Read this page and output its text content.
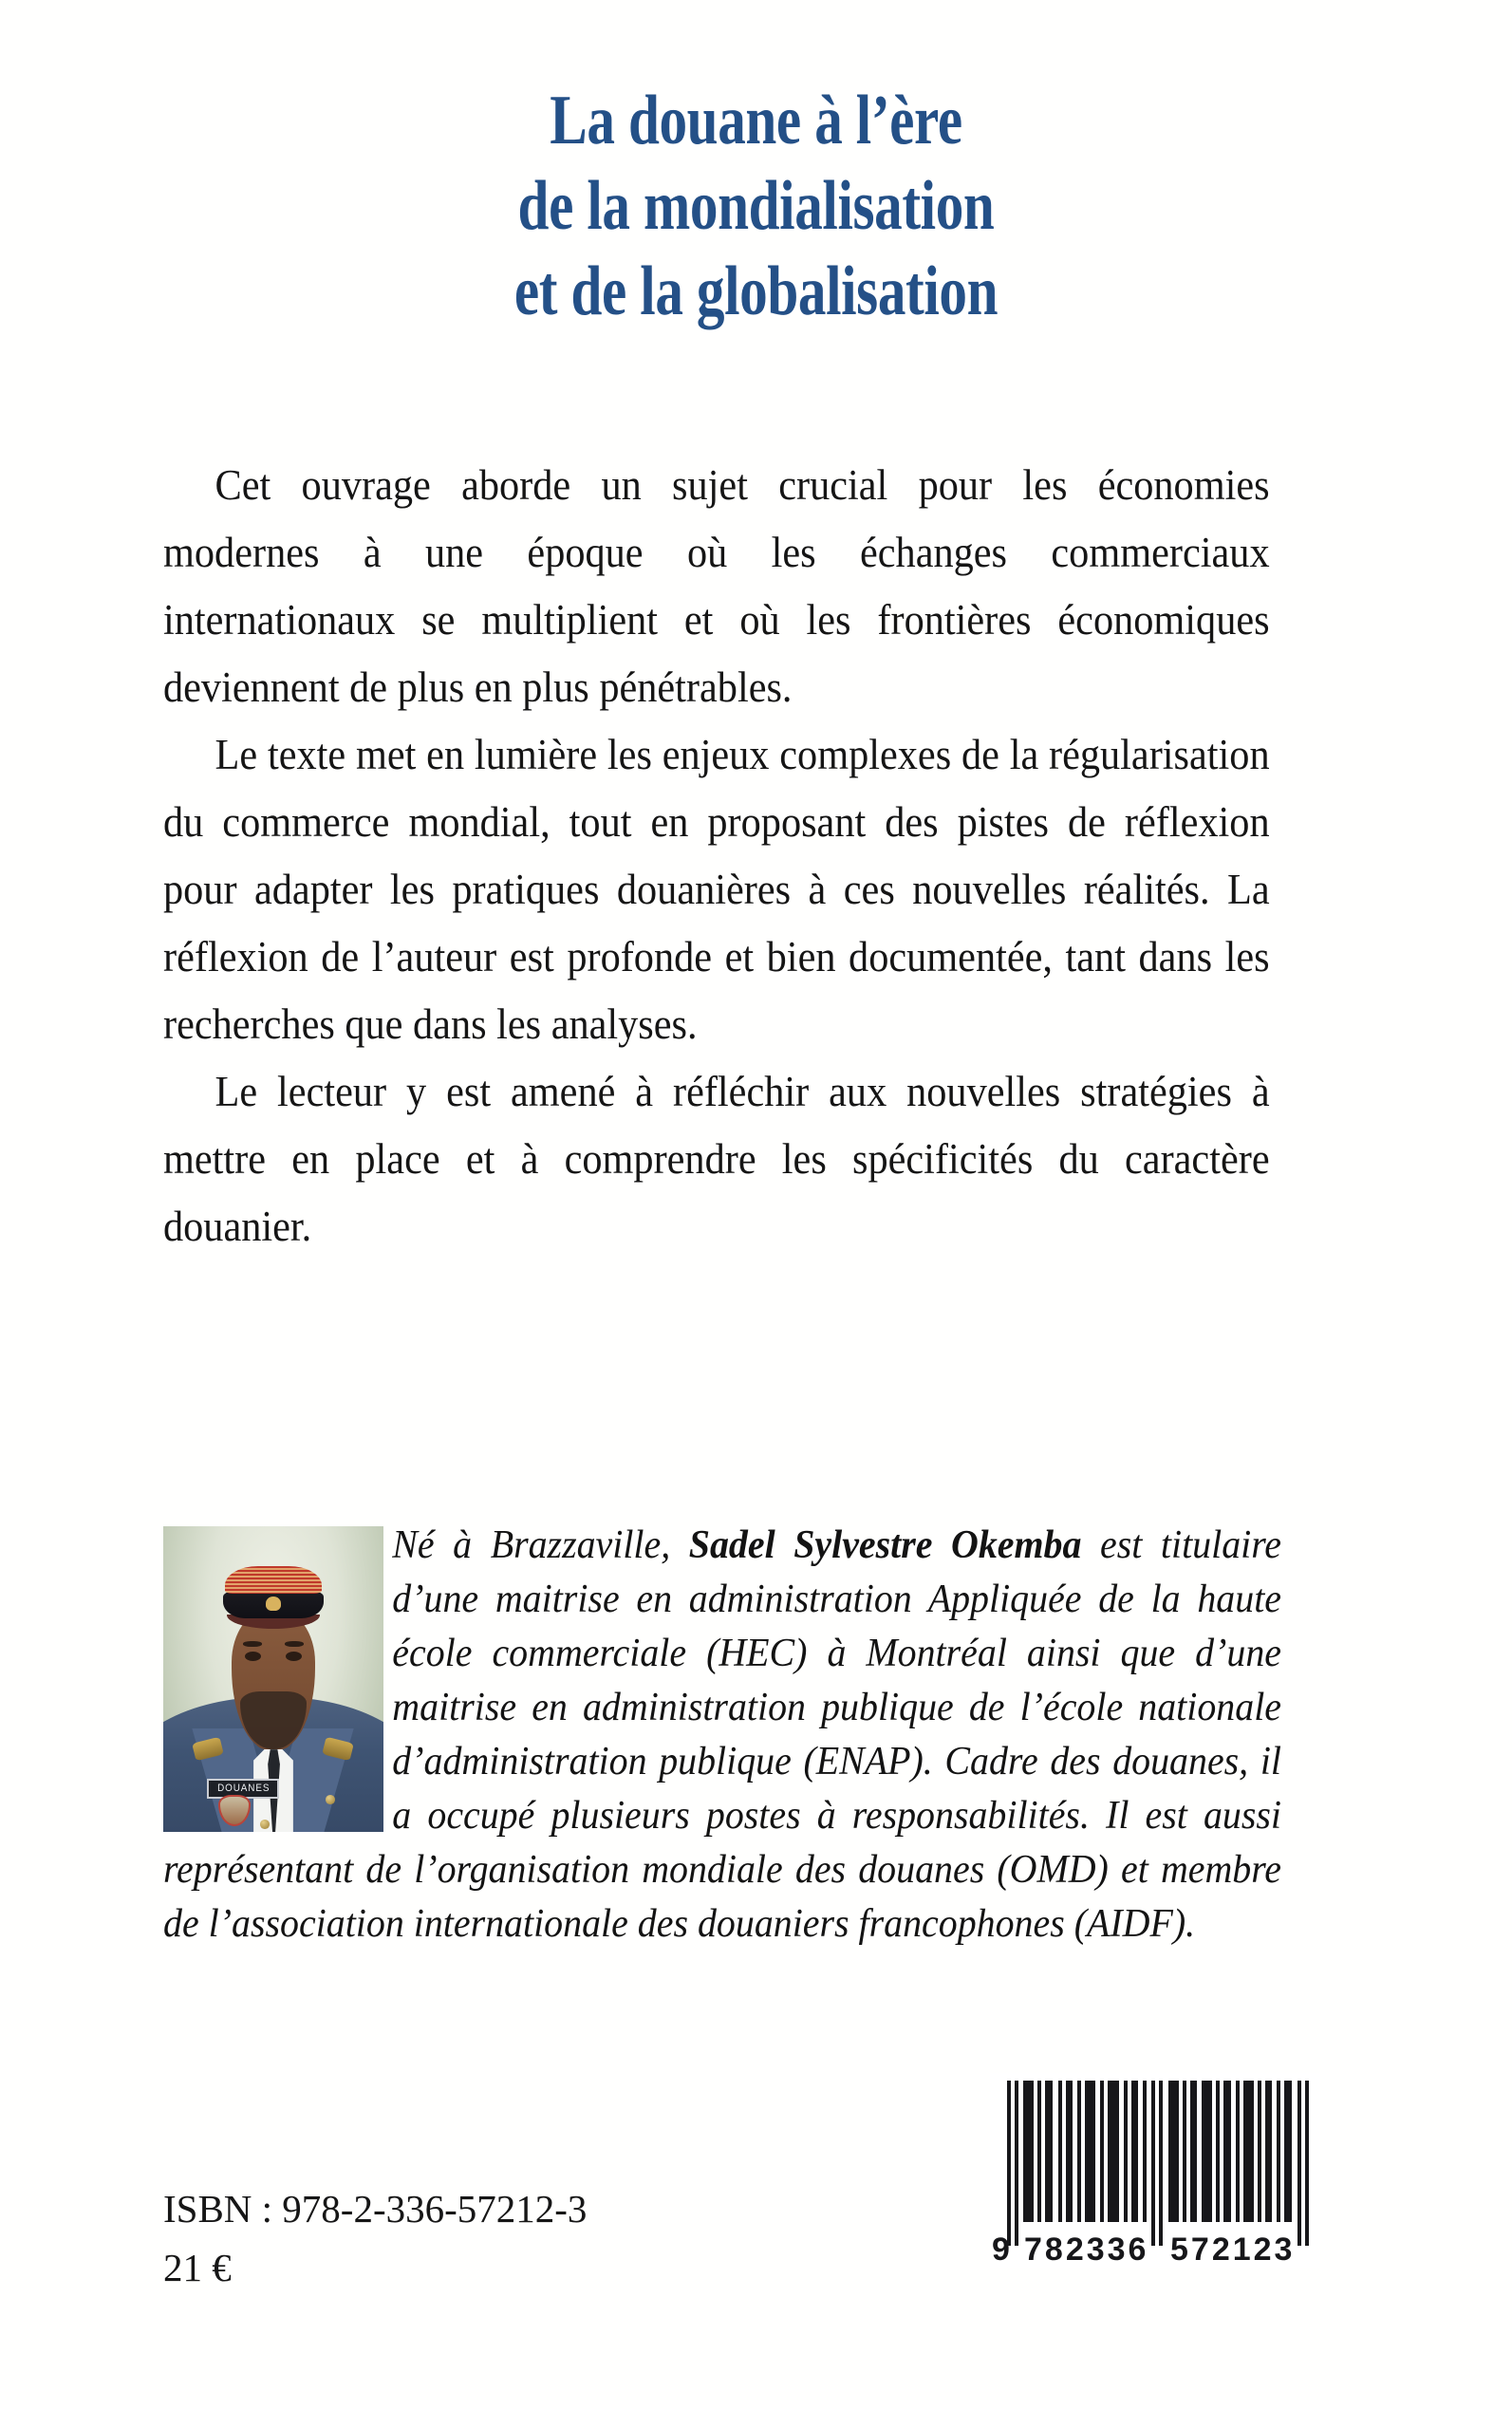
La douane à l’ère
de la mondialisation
et de la globalisation

Cet ouvrage aborde un sujet crucial pour les économies modernes à une époque où les échanges commerciaux internationaux se multiplient et où les frontières économiques deviennent de plus en plus pénétrables.

Le texte met en lumière les enjeux complexes de la régularisation du commerce mondial, tout en proposant des pistes de réflexion pour adapter les pratiques douanières à ces nouvelles réalités. La réflexion de l’auteur est profonde et bien documentée, tant dans les recherches que dans les analyses.

Le lecteur y est amené à réfléchir aux nouvelles stratégies à mettre en place et à comprendre les spécificités du caractère douanier.

DOUANES
Né à Brazzaville, Sadel Sylvestre Okemba est titulaire d’une maitrise en administration Appliquée de la haute école commerciale (HEC) à Montréal ainsi que d’une maitrise en administration publique de l’école nationale d’administration publique (ENAP). Cadre des douanes, il a occupé plusieurs postes à responsabilités. Il est aussi représentant de l’organisation mondiale des douanes (OMD) et membre de l’association internationale des douaniers francophones (AIDF).
ISBN : 978-2-336-57212-3
21 €	9 782336 572123
